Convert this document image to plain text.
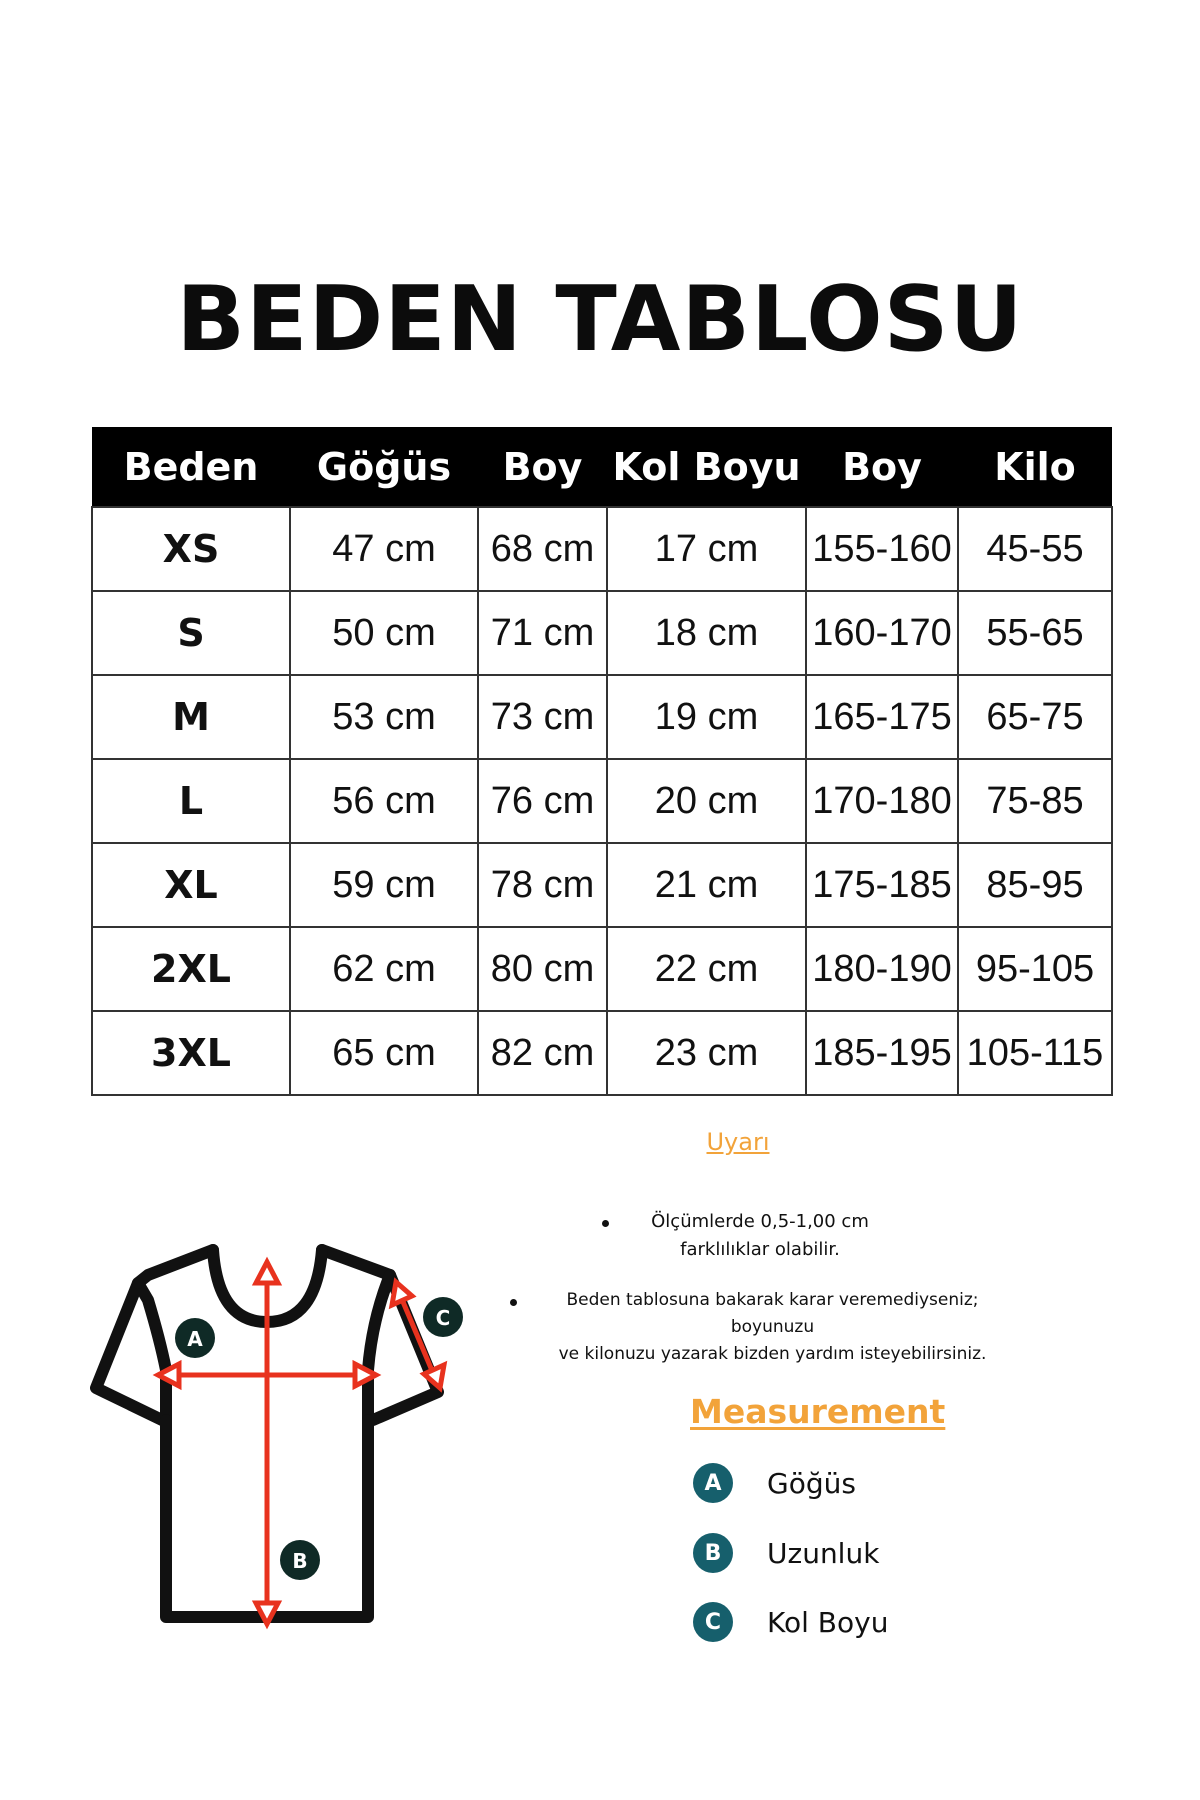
BEDEN TABLOSU
Beden	Göğüs	Boy	Kol Boyu	Boy	Kilo
XS	47 cm	68 cm	17 cm	155-160	45-55
S	50 cm	71 cm	18 cm	160-170	55-65
M	53 cm	73 cm	19 cm	165-175	65-75
L	56 cm	76 cm	20 cm	170-180	75-85
XL	59 cm	78 cm	21 cm	175-185	85-95
2XL	62 cm	80 cm	22 cm	180-190	95-105
3XL	65 cm	82 cm	23 cm	185-195	105-115
Uyarı
Ölçümlerde 0,5-1,00 cm
farklılıklar olabilir.
Beden tablosuna bakarak karar veremediyseniz; boyunuzu
ve kilonuzu yazarak bizden yardım isteyebilirsiniz.
Measurement
A	Göğüs
B	Uzunluk
C	Kol Boyu
A
B
C
